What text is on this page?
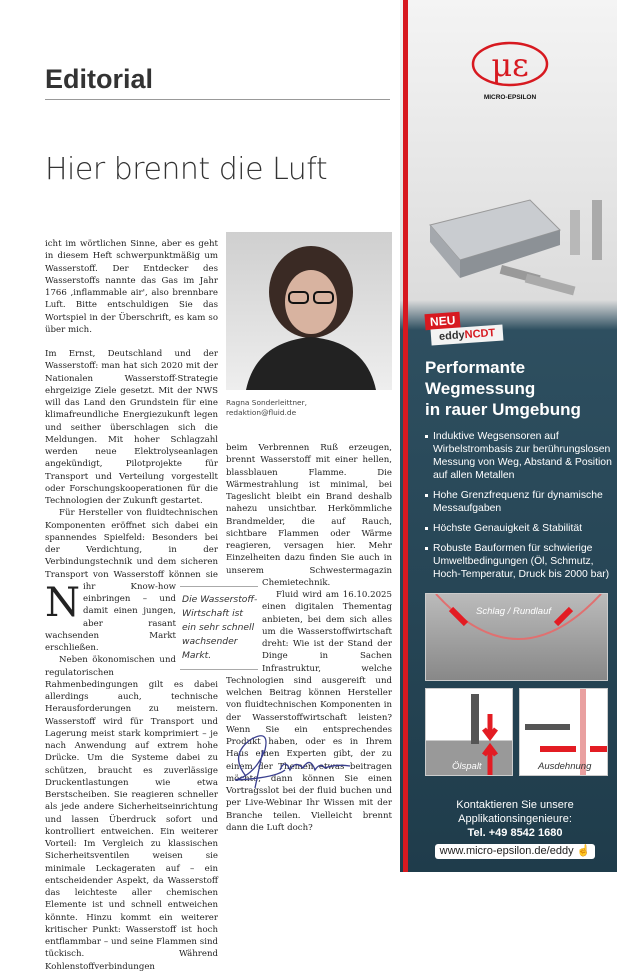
Editorial
Hier brennt die Luft

N
icht im wörtlichen Sinne, aber es geht in diesem Heft schwerpunktmäßig um Wasserstoff. Der Entdecker des Wasserstoffs nannte das Gas im Jahr 1766 ‚inflammable air', also brennbare Luft. Bitte entschuldigen Sie das Wortspiel in der Überschrift, es kam so über mich.

Im Ernst, Deutschland und der Wasserstoff: man hat sich 2020 mit der Nationalen Wasserstoff-Strategie ehrgeizige Ziele gesetzt. Mit der NWS will das Land den Grundstein für eine klimafreundliche Energiezukunft legen und seither überschlagen sich die Meldungen. Mit hoher Schlagzahl werden neue Elektrolyseanlagen angekündigt, Pilotprojekte für Transport und Verteilung vorgestellt oder Forschungskooperationen für die Technologien der Zukunft gestartet.

Für Hersteller von fluidtechnischen Komponenten eröffnet sich dabei ein spannendes Spielfeld: Besonders bei der Verdichtung, in der Verbindungstechnik und dem sicheren Transport von Wasserstoff können sie ihr Know-how einbringen – und damit einen jungen, aber rasant wachsenden Markt erschließen.

Neben ökonomischen und regulatorischen Rahmenbedingungen gilt es dabei allerdings auch, technische Herausforderungen zu meistern. Wasserstoff wird für Transport und Lagerung meist stark komprimiert – je nach Anwendung auf extrem hohe Drücke. Um die Systeme dabei zu schützen, braucht es zuverlässige Druckentlastungen wie etwa Berstscheiben. Sie reagieren schneller als jede andere Sicherheitseinrichtung und lassen Überdruck sofort und kontrolliert entweichen. Ein weiterer Vorteil: Im Vergleich zu klassischen Sicherheitsventilen weisen sie minimale Leckageraten auf – ein entscheidender Aspekt, da Wasserstoff das leichteste aller chemischen Elemente ist und schnell entweichen könnte. Hinzu kommt ein weiterer kritischer Punkt: Wasserstoff ist hoch entflammbar – und seine Flammen sind tückisch. Während Kohlenstoffverbindungen

Ragna Sonderleittner,
redaktion@fluid.de

beim Verbrennen Ruß erzeugen, brennt Wasserstoff mit einer hellen, blassblauen Flamme. Die Wärmestrahlung ist minimal, bei Tageslicht bleibt ein Brand deshalb nahezu unsichtbar. Herkömmliche Brandmelder, die auf Rauch, sichtbare Flammen oder Wärme reagieren, versagen hier. Mehr Einzelheiten dazu finden Sie auch in unserem Schwestermagazin Chemietechnik.

Fluid wird am 16.10.2025 einen digitalen Thementag anbieten, bei dem sich alles um die Wasserstoffwirtschaft dreht: Wie ist der Stand der Dinge in Sachen Infrastruktur, welche Technologien sind ausgereift und welchen Beitrag können Hersteller von fluidtechnischen Komponenten in der Wasserstoffwirtschaft leisten? Wenn Sie ein entsprechendes Produkt haben, oder es in Ihrem Haus einen Experten gibt, der zu einem der Themen etwas beitragen möchte, dann können Sie einen Vortragsslot bei der fluid buchen und per Live-Webinar Ihr Wissen mit der Branche teilen. Vielleicht brennt dann die Luft doch?

Die Wasserstoff-Wirtschaft ist ein sehr schnell wachsender Markt.
με
MICRO-EPSILON
NEU
eddyNCDT
Performante
Wegmessung
in rauer Umgebung
Induktive Wegsensoren auf Wirbelstrombasis zur berührungslosen Messung von Weg, Abstand & Position auf allen Metallen
Hohe Grenzfrequenz für dynamische Messaufgaben
Höchste Genauigkeit & Stabilität
Robuste Bauformen für schwierige Umweltbedingungen (Öl, Schmutz, Hoch-Temperatur, Druck bis 2000 bar)
Schlag / Rundlauf
Ölspalt	Ausdehnung
Kontaktieren Sie unsere
Applikationsingenieure:
Tel. +49 8542 1680
www.micro-epsilon.de/eddy ☝
